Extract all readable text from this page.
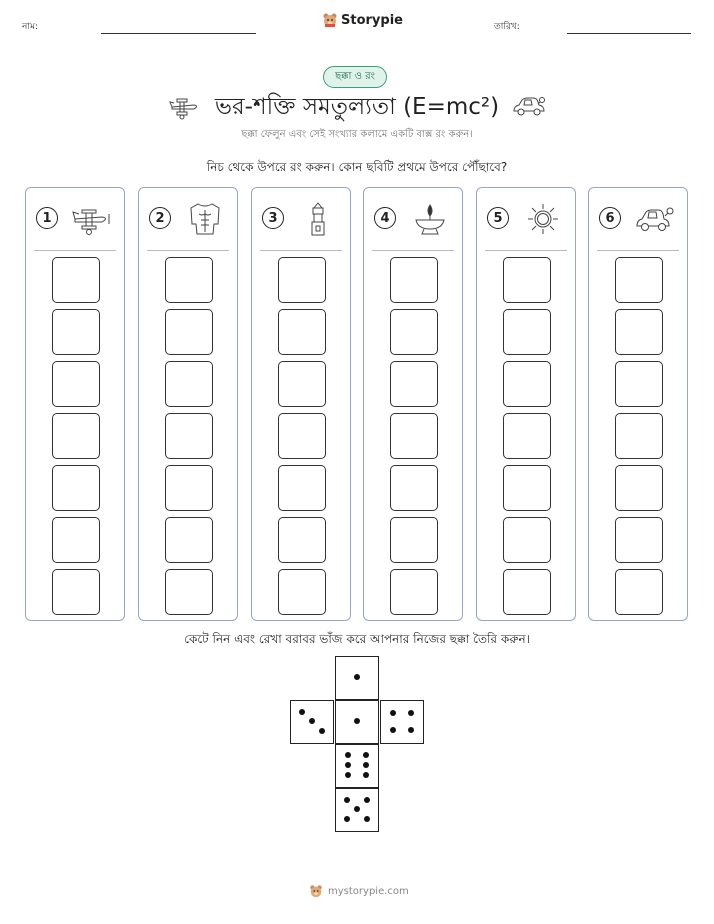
নাম:	Storypie	তারিখ:
ছক্কা ও রং
ভর-শক্তি সমতুল্যতা (E=mc²)
ছক্কা ফেলুন এবং সেই সংখ্যার কলামে একটি বাক্স রং করুন।
নিচ থেকে উপরে রং করুন। কোন ছবিটি প্রথমে উপরে পৌঁছাবে?
1	2	3	4	5	6
কেটে নিন এবং রেখা বরাবর ভাঁজ করে আপনার নিজের ছক্কা তৈরি করুন।
mystorypie.com
